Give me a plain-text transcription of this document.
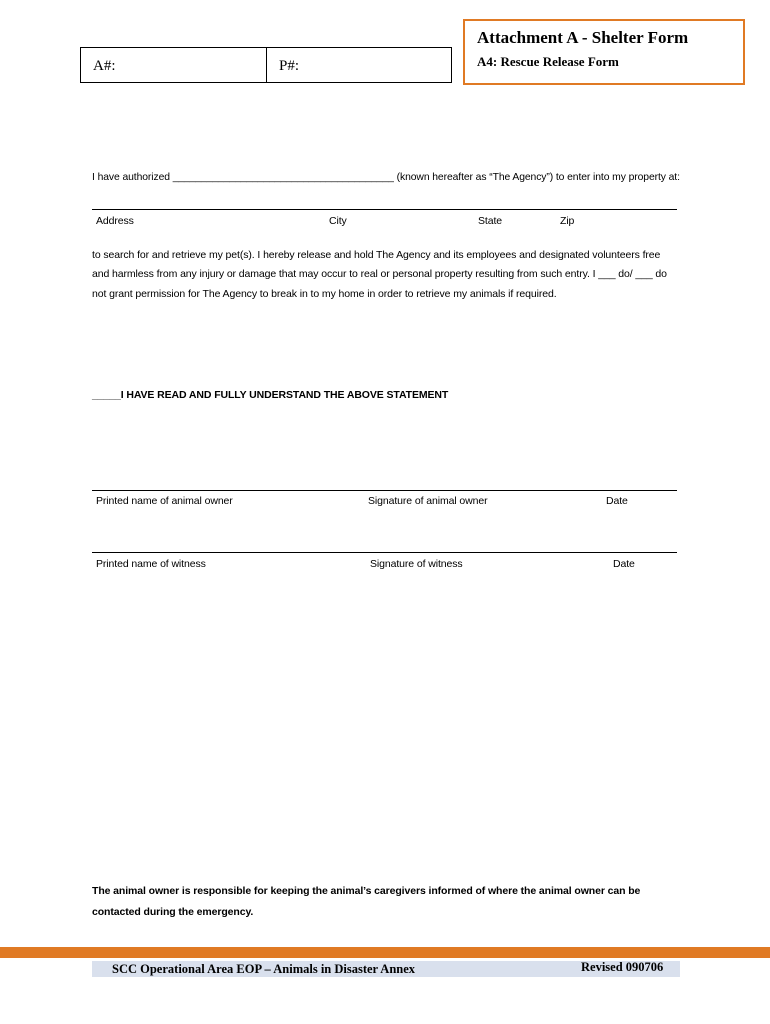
A#:	P#:
Attachment A - Shelter Form
A4: Rescue Release Form
I have authorized _______________________________________ (known hereafter as “The Agency”) to enter into my property at:
Address	City	State	Zip
to search for and retrieve my pet(s). I hereby release and hold The Agency and its employees and designated volunteers free
and harmless from any injury or damage that may occur to real or personal property resulting from such entry. I ___ do/ ___ do
not grant permission for The Agency to break in to my home in order to retrieve my animals if required.
_____I HAVE READ AND FULLY UNDERSTAND THE ABOVE STATEMENT
Printed name of animal owner	Signature of animal owner	Date
Printed name of witness	Signature of witness	Date
The animal owner is responsible for keeping the animal’s caregivers informed of where the animal owner can be
contacted during the emergency.
SCC Operational Area EOP – Animals in Disaster Annex	Revised 090706
